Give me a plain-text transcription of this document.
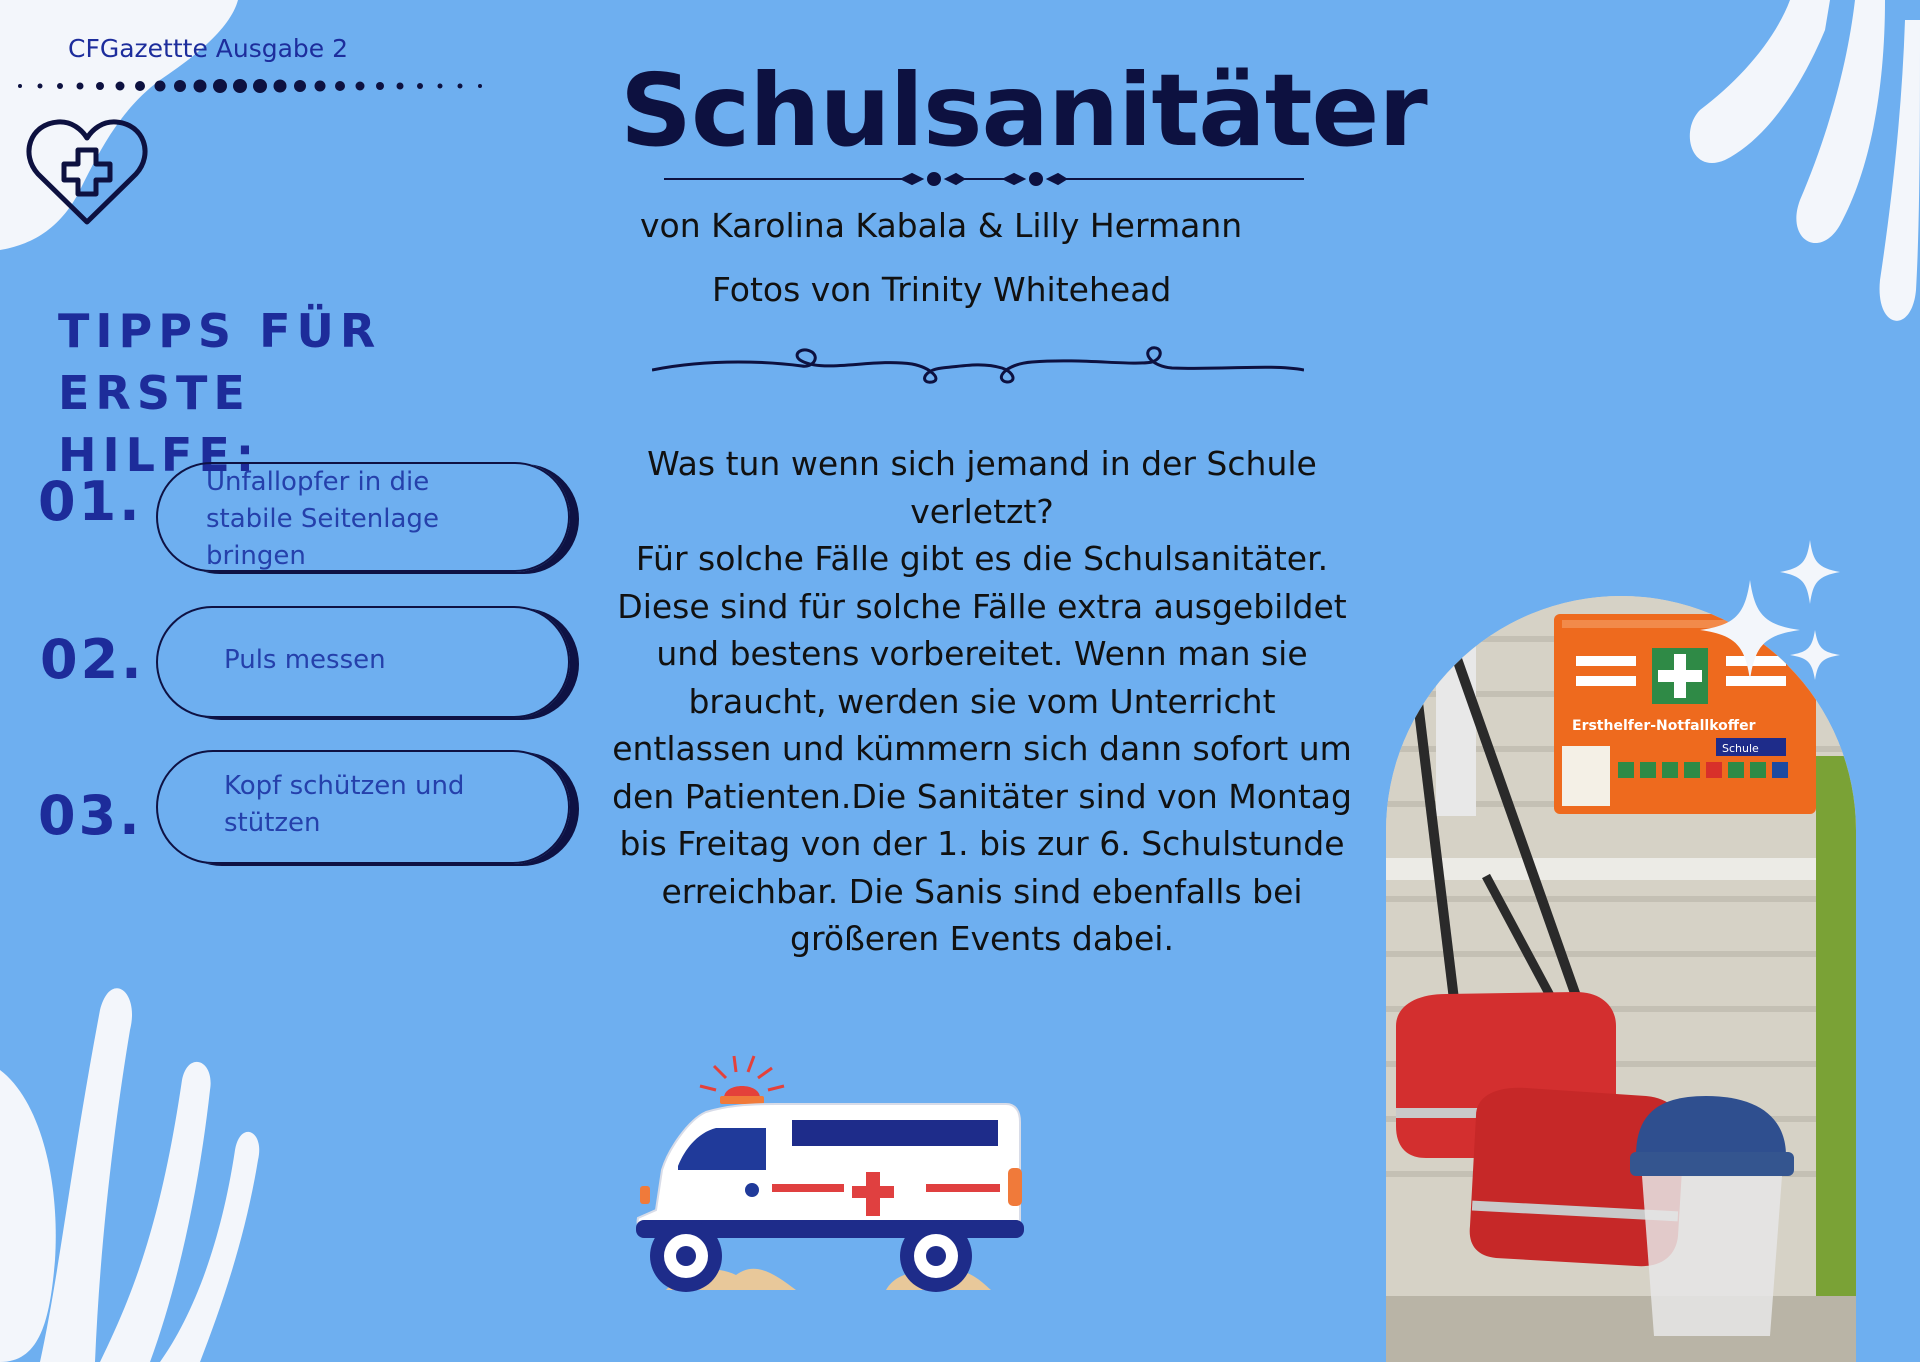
CFGazettte Ausgabe 2
TIPPS FÜR ERSTE
HILFE:
01. Unfallopfer in die stabile Seitenlage bringen
02.	Puls messen
03.	Kopf schützen und stützen
Schulsanitäter
von Karolina Kabala & Lilly Hermann
Fotos von Trinity Whitehead
Was tun wenn sich jemand in der Schule
verletzt?
Für solche Fälle gibt es die Schulsanitäter.
Diese sind für solche Fälle extra ausgebildet
und bestens vorbereitet. Wenn man sie
braucht, werden sie vom Unterricht
entlassen und kümmern sich dann sofort um
den Patienten.Die Sanitäter sind von Montag
bis Freitag von der 1. bis zur 6. Schulstunde
erreichbar. Die Sanis sind ebenfalls bei
größeren Events dabei.
Ersthelfer-Notfallkoffer
Schule
